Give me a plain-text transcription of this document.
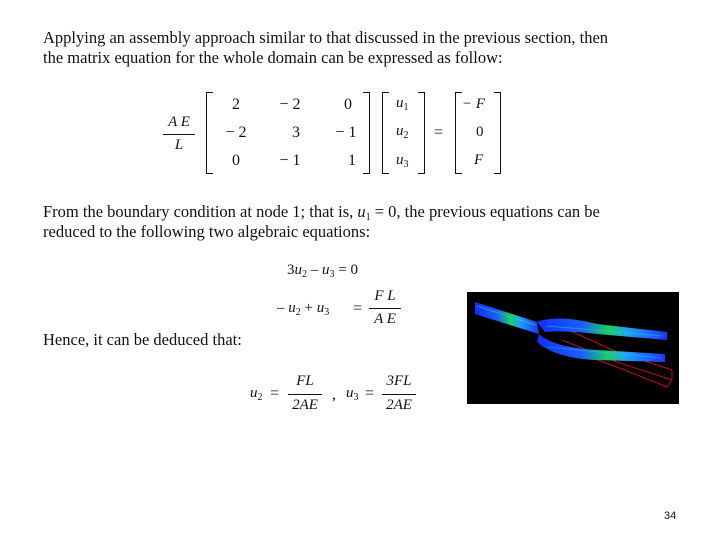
Applying an assembly approach similar to that discussed in the previous section, then
the matrix equation for the whole domain can be expressed as follow:
A E
L
2	− 2	0
− 2	3	− 1
0	− 1	1
$u_1$
$u_2$
$u_3$
=
− F
0
F
From the boundary condition at node 1; that is, $u_1 = 0$, the previous equations can be
reduced to the following two algebraic equations:
$3u_2 - u_3 = 0$
– $u_2 + u_3$ =
F L
A E
Hence, it can be deduced that:
$u_2$ =
FL
2AE
, $u_3$ =
3FL
2AE
34
